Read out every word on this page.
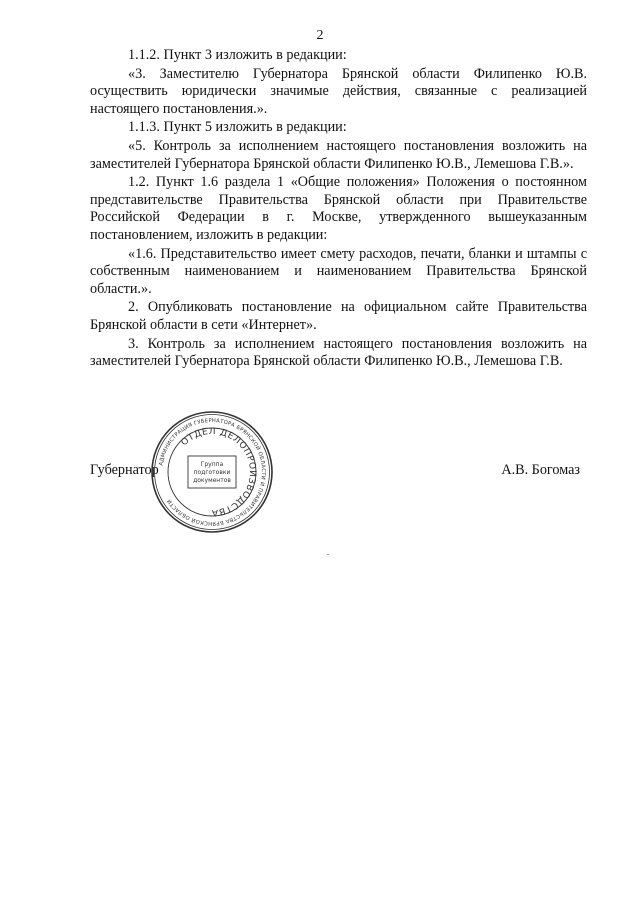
2

1.1.2. Пункт 3 изложить в редакции:

«3. Заместителю Губернатора Брянской области Филипенко Ю.В. осуществить юридически значимые действия, связанные с реализацией настоящего постановления.».

1.1.3. Пункт 5 изложить в редакции:

«5. Контроль за исполнением настоящего постановления возложить на заместителей Губернатора Брянской области Филипенко Ю.В., Лемешова Г.В.».

1.2. Пункт 1.6 раздела 1 «Общие положения» Положения о постоянном представительстве Правительства Брянской области при Правительстве Российской Федерации в г. Москве, утвержденного вышеуказанным постановлением, изложить в редакции:

«1.6. Представительство имеет смету расходов, печати, бланки и штампы с собственным наименованием и наименованием Правительства Брянской области.».

2. Опубликовать постановление на официальном сайте Правительства Брянской области в сети «Интернет».

3. Контроль за исполнением настоящего постановления возложить на заместителей Губернатора Брянской области Филипенко Ю.В., Лемешова Г.В.

Губернатор	А.В. Богомаз
АДМИНИСТРАЦИЯ ГУБЕРНАТОРА БРЯНСКОЙ ОБЛАСТИ И ПРАВИТЕЛЬСТВА БРЯНСКОЙ ОБЛАСТИ
ОТДЕЛ ДЕЛОПРОИЗВОДСТВА
Группа
подготовки
документов
